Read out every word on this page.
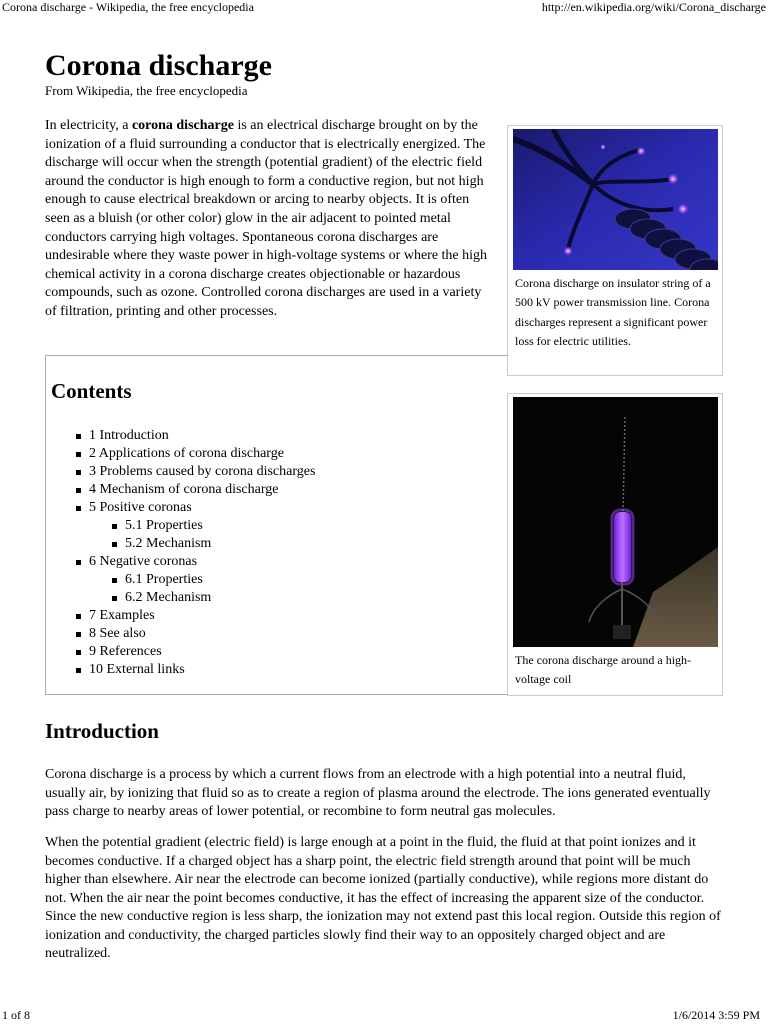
Corona discharge - Wikipedia, the free encyclopedia	http://en.wikipedia.org/wiki/Corona_discharge
Corona discharge
From Wikipedia, the free encyclopedia

In electricity, a corona discharge is an electrical discharge brought on by the ionization of a fluid surrounding a conductor that is electrically energized. The discharge will occur when the strength (potential gradient) of the electric field around the conductor is high enough to form a conductive region, but not high enough to cause electrical breakdown or arcing to nearby objects. It is often seen as a bluish (or other color) glow in the air adjacent to pointed metal conductors carrying high voltages. Spontaneous corona discharges are undesirable where they waste power in high-voltage systems or where the high chemical activity in a corona discharge creates objectionable or hazardous compounds, such as ozone. Controlled corona discharges are used in a variety of filtration, printing and other processes.

Corona discharge on insulator string of a 500 kV power transmission line. Corona discharges represent a significant power loss for electric utilities.
The corona discharge around a high-voltage coil
Contents
1 Introduction
2 Applications of corona discharge
3 Problems caused by corona discharges
4 Mechanism of corona discharge
5 Positive coronas
5.1 Properties
5.2 Mechanism
6 Negative coronas
6.1 Properties
6.2 Mechanism
7 Examples
8 See also
9 References
10 External links
Introduction

Corona discharge is a process by which a current flows from an electrode with a high potential into a neutral fluid, usually air, by ionizing that fluid so as to create a region of plasma around the electrode. The ions generated eventually pass charge to nearby areas of lower potential, or recombine to form neutral gas molecules.

When the potential gradient (electric field) is large enough at a point in the fluid, the fluid at that point ionizes and it becomes conductive. If a charged object has a sharp point, the electric field strength around that point will be much higher than elsewhere. Air near the electrode can become ionized (partially conductive), while regions more distant do not. When the air near the point becomes conductive, it has the effect of increasing the apparent size of the conductor. Since the new conductive region is less sharp, the ionization may not extend past this local region. Outside this region of ionization and conductivity, the charged particles slowly find their way to an oppositely charged object and are neutralized.

1 of 8	1/6/2014 3:59 PM
